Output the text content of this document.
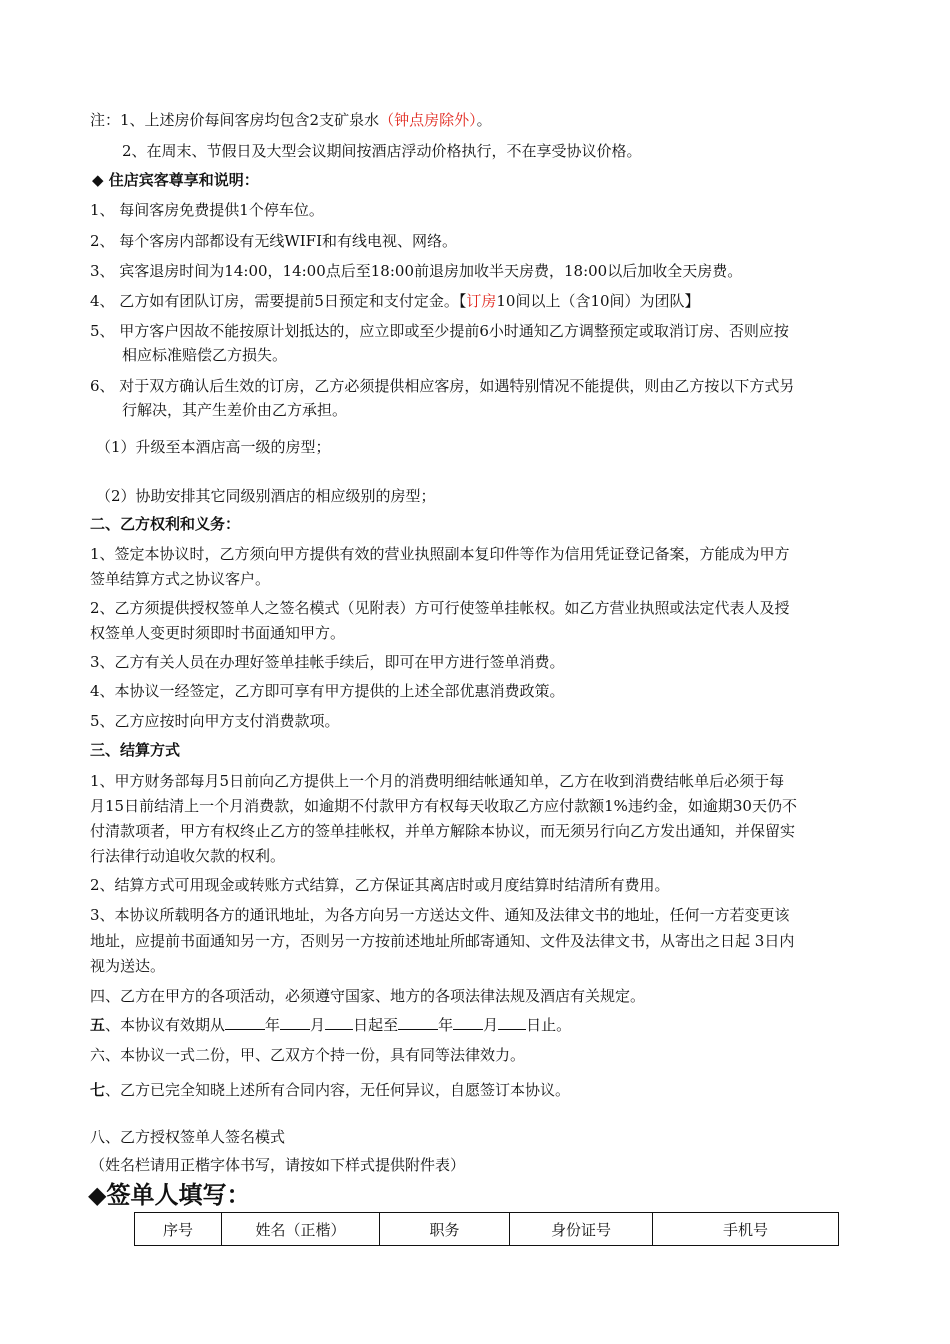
注：1、上述房价每间客房均包含2支矿泉水（钟点房除外）。
2、在周末、节假日及大型会议期间按酒店浮动价格执行，不在享受协议价格。
◆ 住店宾客尊享和说明：
1、 每间客房免费提供1个停车位。
2、 每个客房内部都设有无线WIFI和有线电视、网络。
3、 宾客退房时间为14:00，14:00点后至18:00前退房加收半天房费，18:00以后加收全天房费。
4、 乙方如有团队订房，需要提前5日预定和支付定金。【订房10间以上（含10间）为团队】
5、 甲方客户因故不能按原计划抵达的，应立即或至少提前6小时通知乙方调整预定或取消订房、否则应按
相应标准赔偿乙方损失。
6、 对于双方确认后生效的订房，乙方必须提供相应客房，如遇特别情况不能提供，则由乙方按以下方式另
行解决，其产生差价由乙方承担。
（1）升级至本酒店高一级的房型；
（2）协助安排其它同级别酒店的相应级别的房型；
二、乙方权利和义务：
1、签定本协议时，乙方须向甲方提供有效的营业执照副本复印件等作为信用凭证登记备案，方能成为甲方
签单结算方式之协议客户。
2、乙方须提供授权签单人之签名模式（见附表）方可行使签单挂帐权。如乙方营业执照或法定代表人及授
权签单人变更时须即时书面通知甲方。
3、乙方有关人员在办理好签单挂帐手续后，即可在甲方进行签单消费。
4、本协议一经签定，乙方即可享有甲方提供的上述全部优惠消费政策。
5、乙方应按时向甲方支付消费款项。
三、结算方式
1、甲方财务部每月5日前向乙方提供上一个月的消费明细结帐通知单，乙方在收到消费结帐单后必须于每
月15日前结清上一个月消费款，如逾期不付款甲方有权每天收取乙方应付款额1%违约金，如逾期30天仍不
付清款项者，甲方有权终止乙方的签单挂帐权，并单方解除本协议，而无须另行向乙方发出通知，并保留实
行法律行动追收欠款的权利。
2、结算方式可用现金或转账方式结算，乙方保证其离店时或月度结算时结清所有费用。
3、本协议所载明各方的通讯地址，为各方向另一方送达文件、通知及法律文书的地址，任何一方若变更该
地址，应提前书面通知另一方，否则另一方按前述地址所邮寄通知、文件及法律文书，从寄出之日起 3日内
视为送达。
四、乙方在甲方的各项活动，必须遵守国家、地方的各项法律法规及酒店有关规定。
五、本协议有效期从	年 月 日起至	年 月 日止。
六、本协议一式二份，甲、乙双方个持一份，具有同等法律效力。
七、乙方已完全知晓上述所有合同内容，无任何异议，自愿签订本协议。
八、乙方授权签单人签名模式
（姓名栏请用正楷字体书写，请按如下样式提供附件表）
◆签单人填写：
序号	姓名（正楷）	职务	身份证号	手机号
